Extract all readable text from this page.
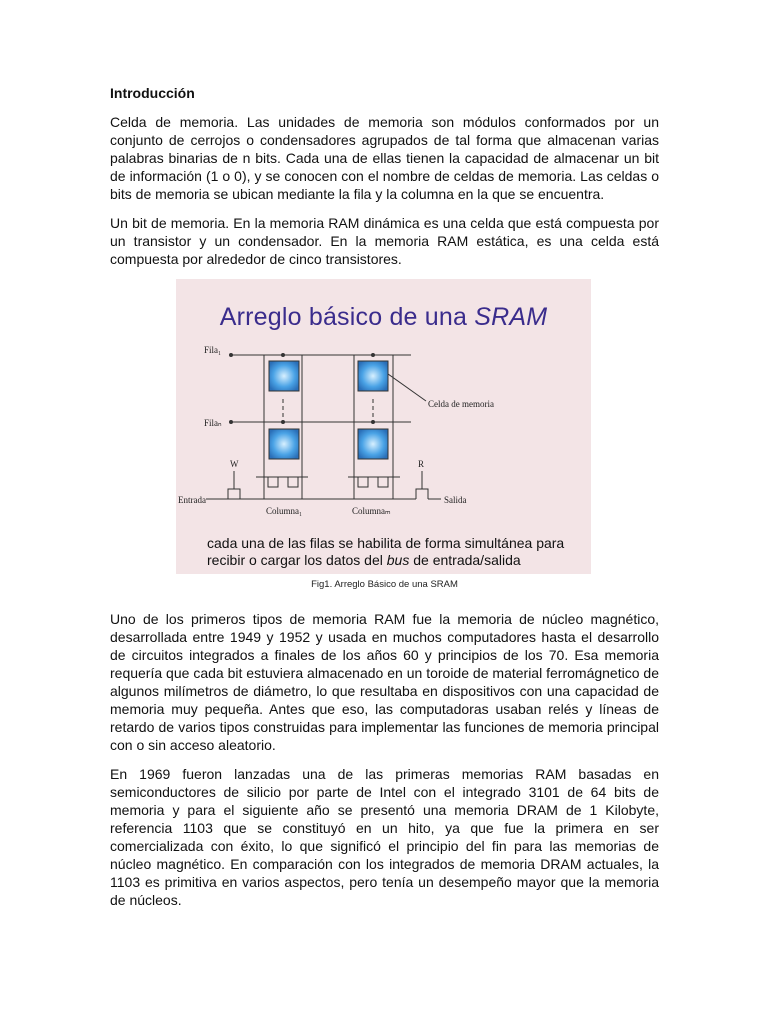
Introducción

Celda de memoria. Las unidades de memoria son módulos conformados por un conjunto de cerrojos o condensadores agrupados de tal forma que almacenan varias palabras binarias de n bits. Cada una de ellas tienen la capacidad de almacenar un bit de información (1 o 0), y se conocen con el nombre de celdas de memoria. Las celdas o bits de memoria se ubican mediante la fila y la columna en la que se encuentra.

Un bit de memoria. En la memoria RAM dinámica es una celda que está compuesta por un transistor y un condensador. En la memoria RAM estática, es una celda está compuesta por alrededor de cinco transistores.

Arreglo básico de una SRAM
Fila₁
Filaₙ
Celda de memoria
W	R
Entrada	Salida
Columna₁	Columnaₘ
cada una de las filas se habilita de forma simultánea para
recibir o cargar los datos del bus de entrada/salida

Fig1. Arreglo Básico de una SRAM

Uno de los primeros tipos de memoria RAM fue la memoria de núcleo magnético, desarrollada entre 1949 y 1952 y usada en muchos computadores hasta el desarrollo de circuitos integrados a finales de los años 60 y principios de los 70. Esa memoria requería que cada bit estuviera almacenado en un toroide de material ferromágnetico de algunos milímetros de diámetro, lo que resultaba en dispositivos con una capacidad de memoria muy pequeña. Antes que eso, las computadoras usaban relés y líneas de retardo de varios tipos construidas para implementar las funciones de memoria principal con o sin acceso aleatorio.

En 1969 fueron lanzadas una de las primeras memorias RAM basadas en semiconductores de silicio por parte de Intel con el integrado 3101 de 64 bits de memoria y para el siguiente año se presentó una memoria DRAM de 1 Kilobyte, referencia 1103 que se constituyó en un hito, ya que fue la primera en ser comercializada con éxito, lo que significó el principio del fin para las memorias de núcleo magnético. En comparación con los integrados de memoria DRAM actuales, la 1103 es primitiva en varios aspectos, pero tenía un desempeño mayor que la memoria de núcleos.
